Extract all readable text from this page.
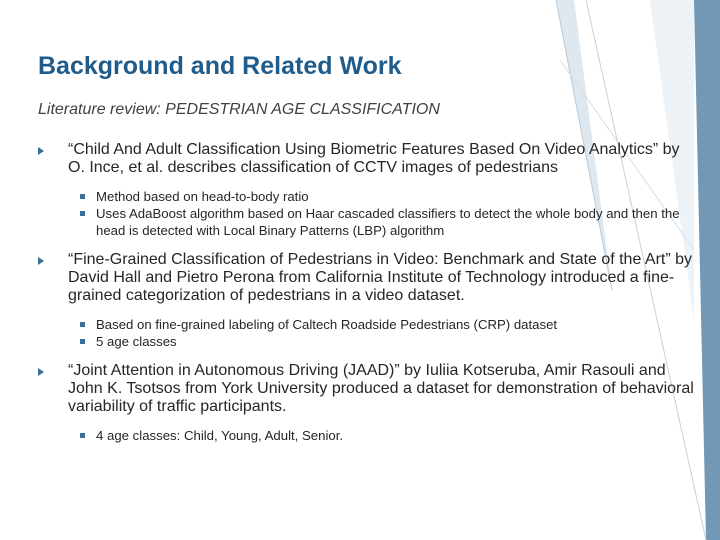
Background and Related Work
Literature review: PEDESTRIAN AGE CLASSIFICATION
“Child And Adult Classification Using Biometric Features Based On Video Analytics” by O. Ince, et al. describes classification of CCTV images of pedestrians
Method based on head-to-body ratio
Uses AdaBoost algorithm based on Haar cascaded classifiers to detect the whole body and then the head is detected with Local Binary Patterns (LBP) algorithm
“Fine-Grained Classification of Pedestrians in Video: Benchmark and State of the Art” by David Hall and Pietro Perona from California Institute of Technology introduced a fine-grained categorization of pedestrians in a video dataset.
Based on fine-grained labeling of Caltech Roadside Pedestrians (CRP) dataset
5 age classes
“Joint Attention in Autonomous Driving (JAAD)” by Iuliia Kotseruba, Amir Rasouli and John K. Tsotsos from York University produced a dataset for demonstration of behavioral variability of traffic participants.
4 age classes: Child, Young, Adult, Senior.
